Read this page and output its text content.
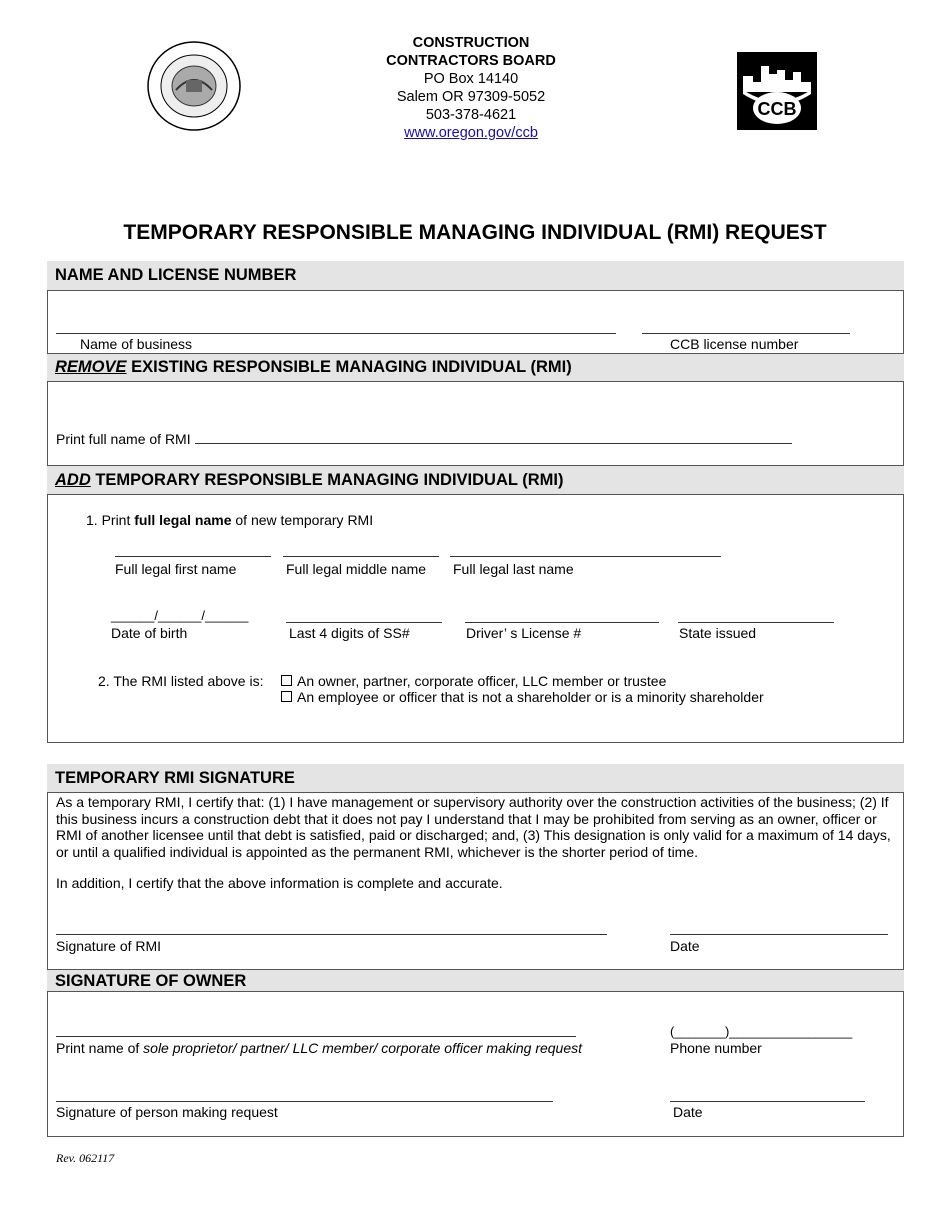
CONSTRUCTION
CONTRACTORS BOARD
PO Box 14140
Salem OR 97309-5052
503-378-4621
www.oregon.gov/ccb
CCB
TEMPORARY RESPONSIBLE MANAGING INDIVIDUAL (RMI) REQUEST
NAME AND LICENSE NUMBER
Name of business	CCB license number
REMOVE EXISTING RESPONSIBLE MANAGING INDIVIDUAL (RMI)
Print full name of RMI
ADD TEMPORARY RESPONSIBLE MANAGING INDIVIDUAL (RMI)
1. Print full legal name of new temporary RMI
Full legal first name	Full legal middle name Full legal last name
______/______/______
Date of birth	Last 4 digits of SS#	Driver’ s License #	State issued
2. The RMI listed above is:	An owner, partner, corporate officer, LLC member or trustee
An employee or officer that is not a shareholder or is a minority shareholder
TEMPORARY RMI SIGNATURE
As a temporary RMI, I certify that: (1) I have management or supervisory authority over the construction activities of the business; (2) If this business incurs a construction debt that it does not pay I understand that I may be prohibited from serving as an owner, officer or RMI of another licensee until that debt is satisfied, paid or discharged; and, (3) This designation is only valid for a maximum of 14 days, or until a qualified individual is appointed as the permanent RMI, whichever is the shorter period of time.
In addition, I certify that the above information is complete and accurate.
Signature of RMI	Date
SIGNATURE OF OWNER
Print name of sole proprietor/ partner/ LLC member/ corporate officer making request
(_______)_________________
Phone number
Signature of person making request	Date
Rev. 062117
